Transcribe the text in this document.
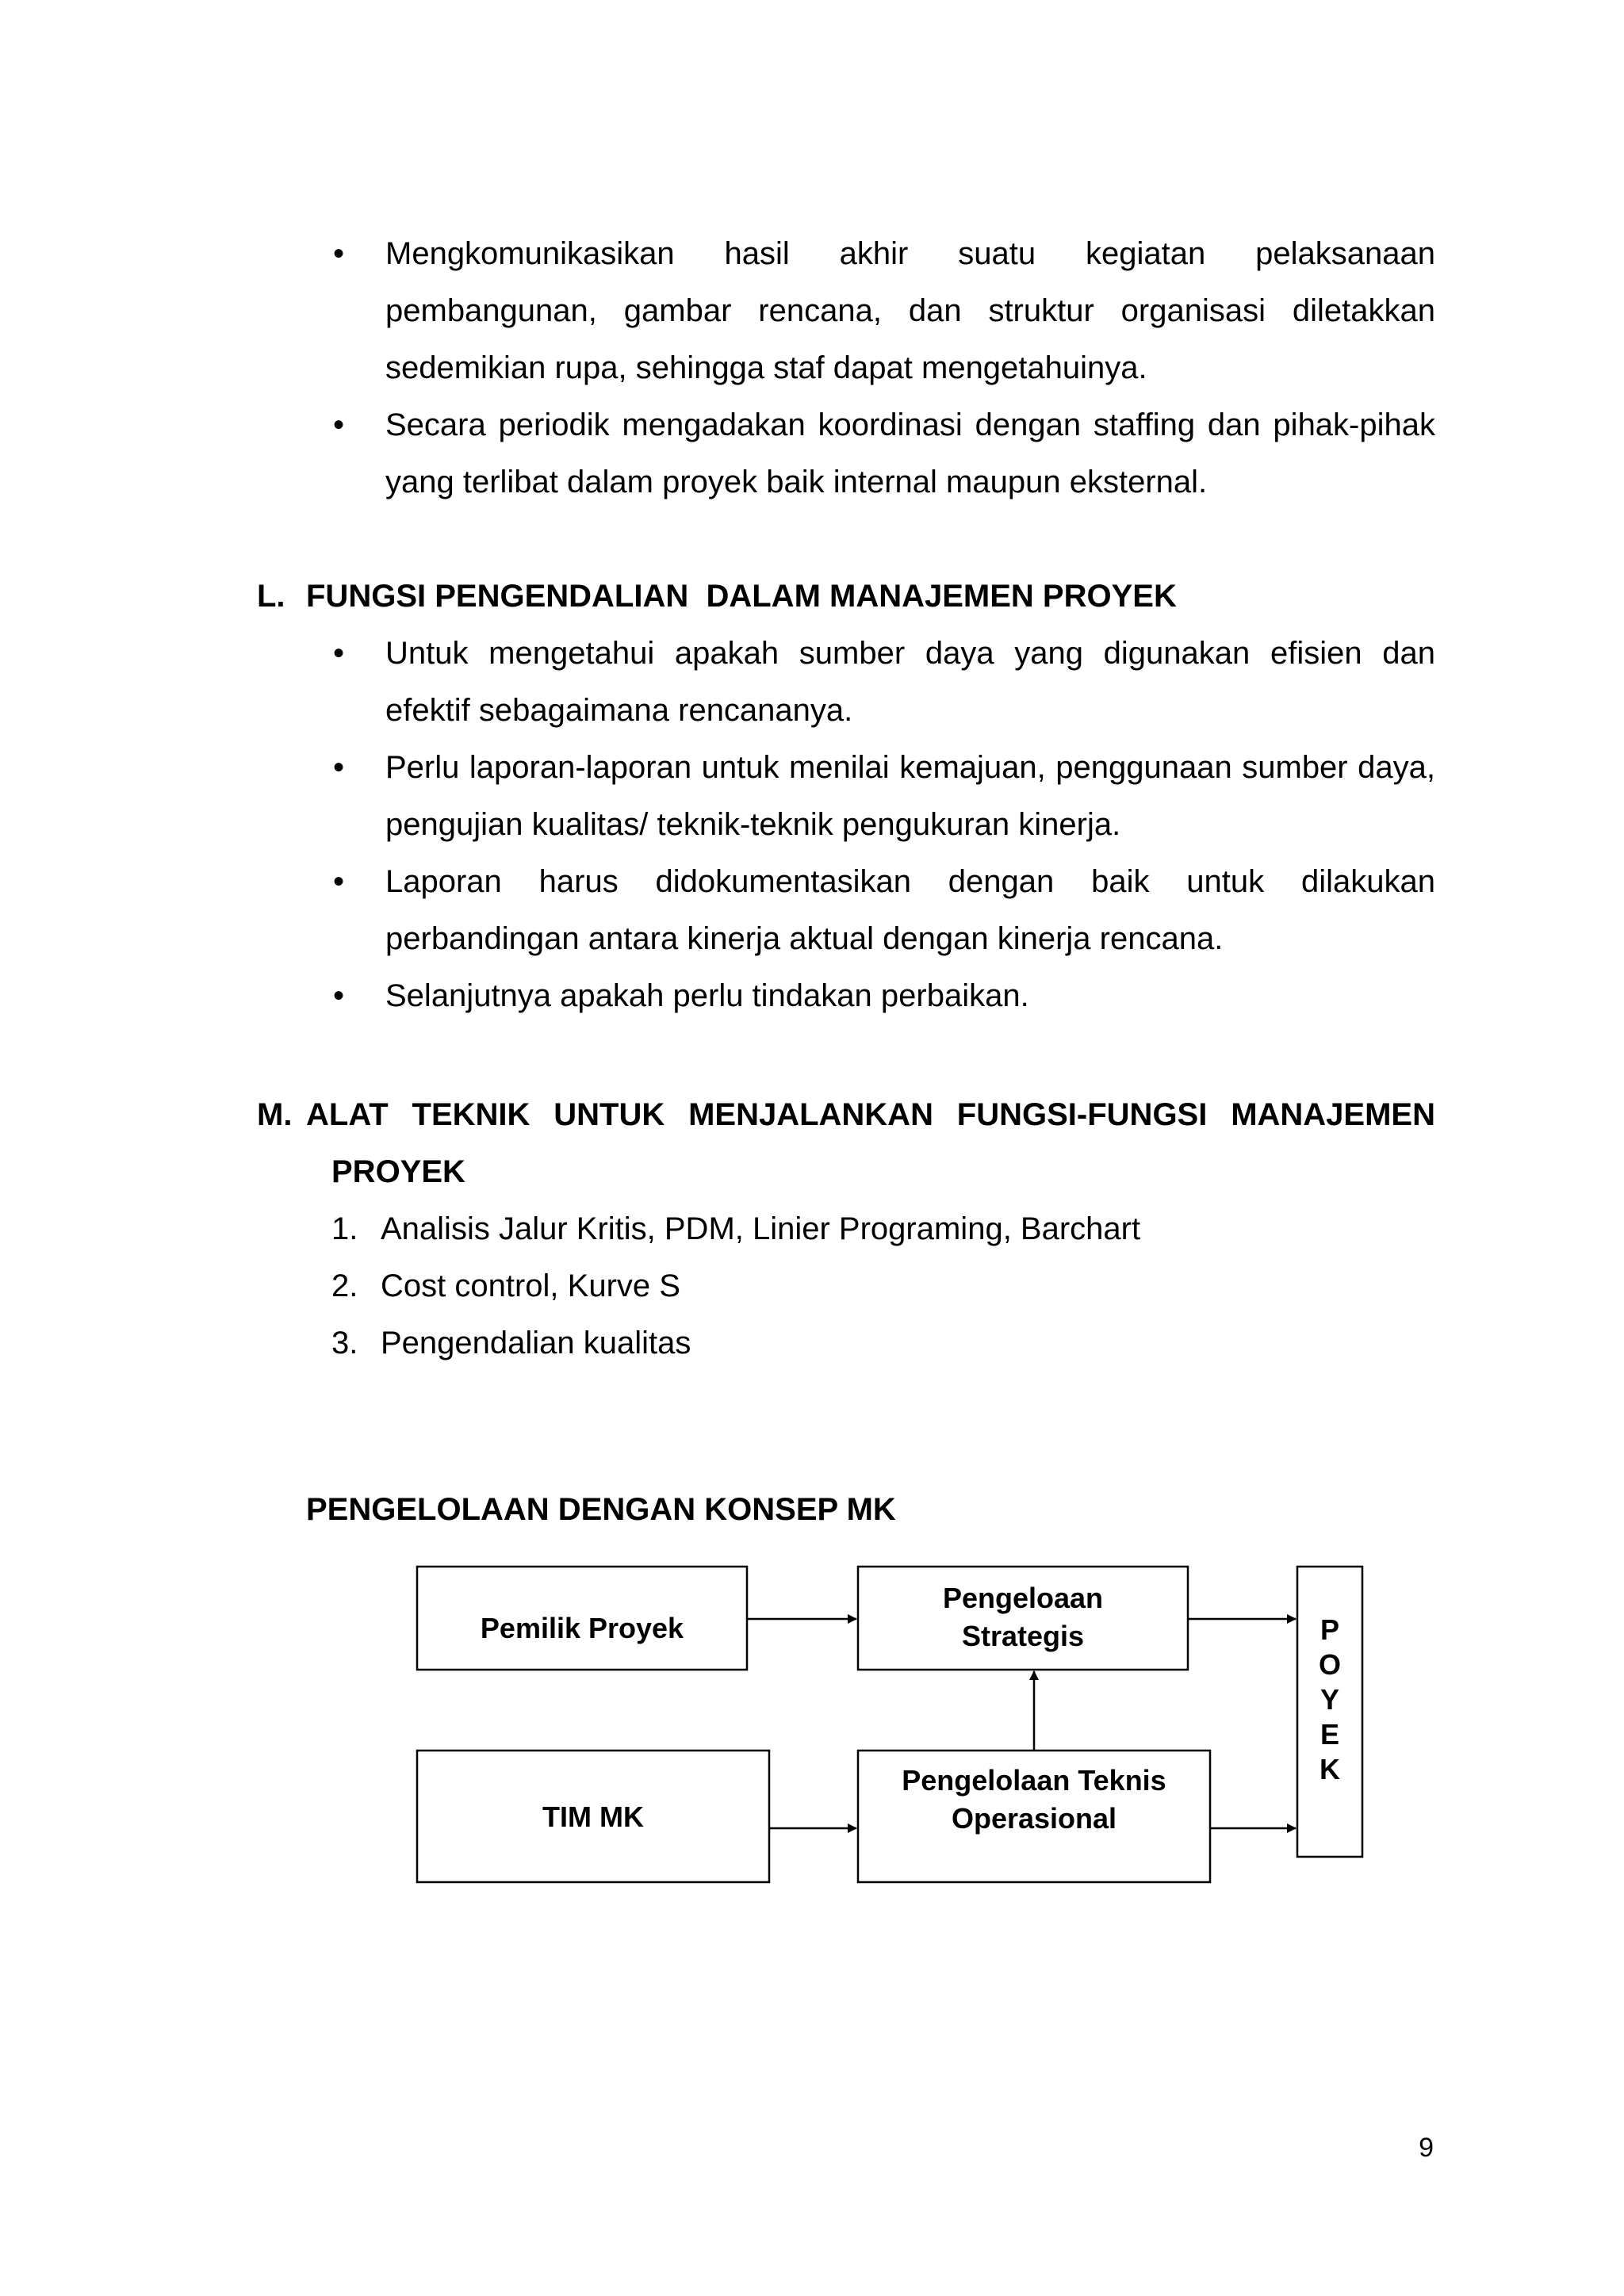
•	Mengkomunikasikan hasil akhir suatu kegiatan pelaksanaan pembangunan, gambar rencana, dan struktur organisasi diletakkan sedemikian rupa, sehingga staf dapat mengetahuinya.
•	Secara periodik mengadakan koordinasi dengan staffing dan pihak-pihak yang terlibat dalam proyek baik internal maupun eksternal.
L. FUNGSI PENGENDALIAN  DALAM MANAJEMEN PROYEK
•	Untuk mengetahui apakah sumber daya yang digunakan efisien dan efektif sebagaimana rencananya.
•	Perlu laporan-laporan untuk menilai kemajuan, penggunaan sumber daya, pengujian kualitas/ teknik-teknik pengukuran kinerja.
•	Laporan harus didokumentasikan dengan baik untuk dilakukan perbandingan antara kinerja aktual dengan kinerja rencana.
•	Selanjutnya apakah perlu tindakan perbaikan.
M. ALAT TEKNIK UNTUK MENJALANKAN FUNGSI-FUNGSI MANAJEMEN
PROYEK
1. Analisis Jalur Kritis, PDM, Linier Programing, Barchart
2. Cost control, Kurve S
3. Pengendalian kualitas
PENGELOLAAN DENGAN KONSEP MK
Pemilik Proyek
Pengeloaan
Strategis
TIM MK
Pengelolaan Teknis
Operasional
P
O
Y
E
K
9
